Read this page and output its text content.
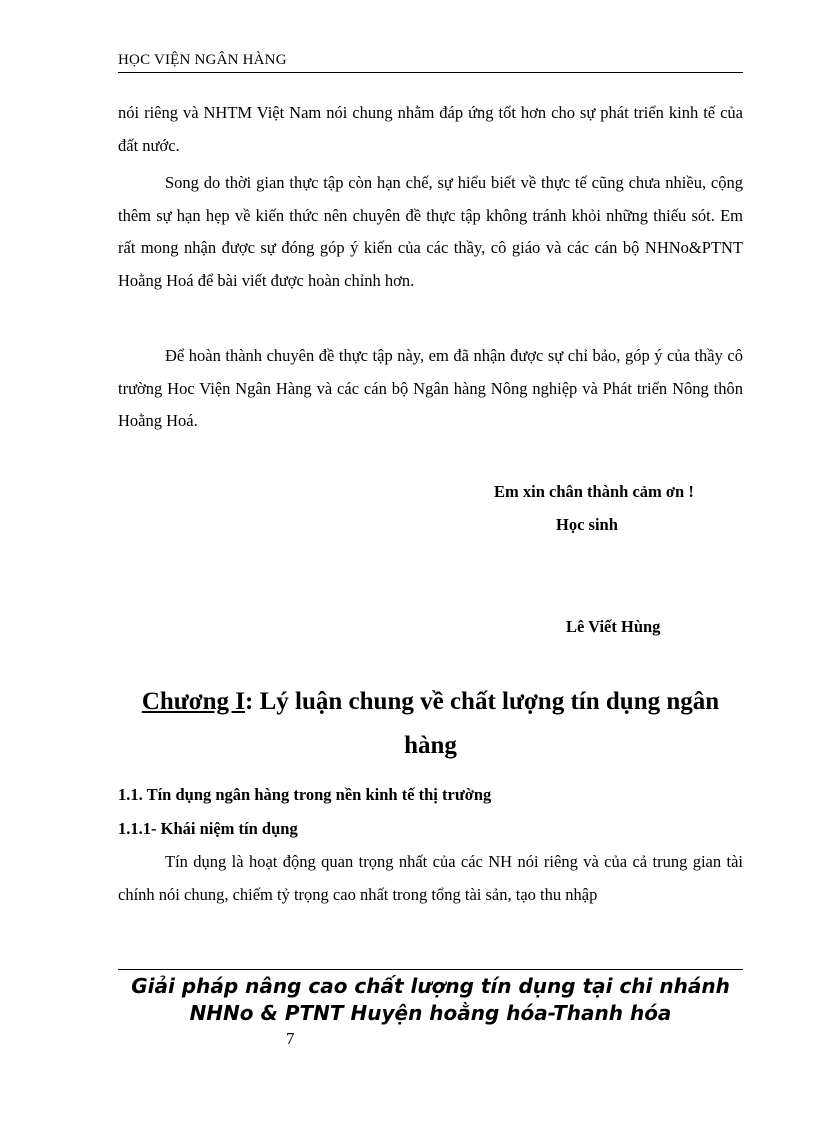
HỌC VIỆN NGÂN HÀNG
nói riêng và NHTM Việt Nam nói chung nhằm đáp ứng tốt hơn cho sự phát triển kinh tế của đất nước.
Song do thời gian thực tập còn hạn chế, sự hiểu biết về thực tế cũng chưa nhiều, cộng thêm sự hạn hẹp về kiến thức nên chuyên đề thực tập không tránh khỏi những thiếu sót. Em rất mong nhận được sự đóng góp ý kiến của các thầy, cô giáo và các cán bộ NHNo&PTNT Hoằng Hoá để bài viết được hoàn chỉnh hơn.
Để hoàn thành chuyên đề thực tập này, em đã nhận được sự chỉ bảo, góp ý của thầy cô trường Hoc Viện Ngân Hàng và các cán bộ Ngân hàng Nông nghiệp và Phát triển Nông thôn Hoằng Hoá.
Em xin chân thành cảm ơn !
Học sinh
Lê Viết Hùng
Chương I: Lý luận chung về chất lượng tín dụng ngân hàng
1.1. Tín dụng ngân hàng trong nền kinh tế thị trường
1.1.1- Khái niệm tín dụng
Tín dụng là hoạt động quan trọng nhất của các NH nói riêng và của cả trung gian tài chính nói chung, chiếm tỷ trọng cao nhất trong tổng tài sản, tạo thu nhập
Giải pháp nâng cao chất lượng tín dụng tại chi nhánh
NHNo & PTNT Huyện hoằng hóa-Thanh hóa
7
